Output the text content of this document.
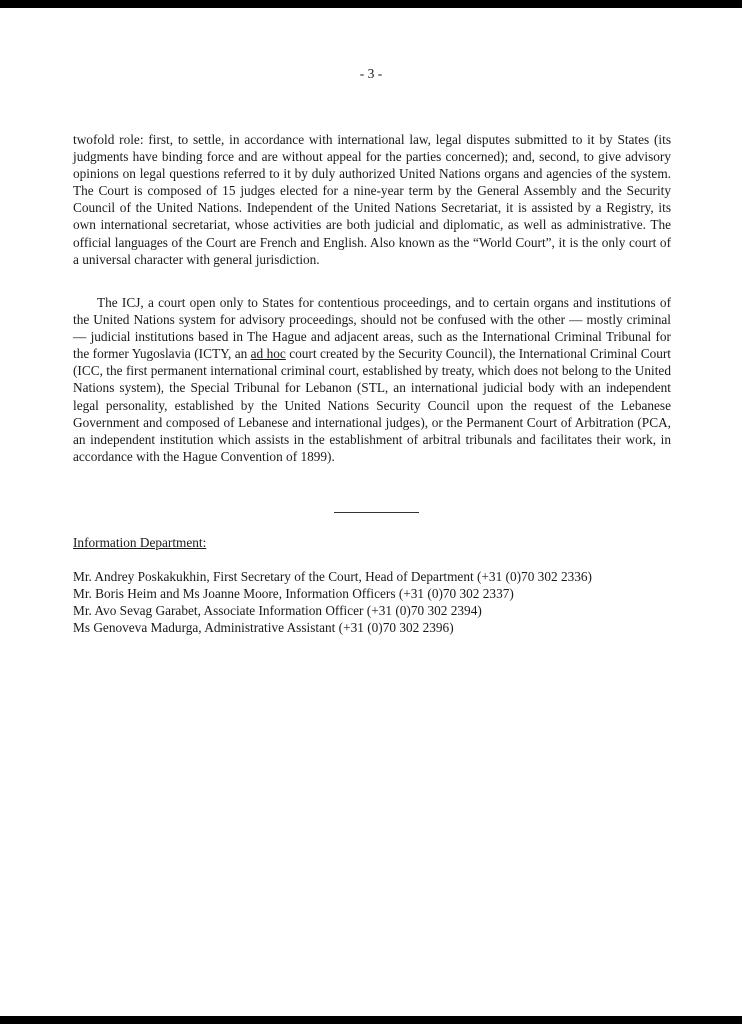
- 3 -

twofold role: first, to settle, in accordance with international law, legal disputes submitted to it by States (its judgments have binding force and are without appeal for the parties concerned); and, second, to give advisory opinions on legal questions referred to it by duly authorized United Nations organs and agencies of the system. The Court is composed of 15 judges elected for a nine-year term by the General Assembly and the Security Council of the United Nations. Independent of the United Nations Secretariat, it is assisted by a Registry, its own international secretariat, whose activities are both judicial and diplomatic, as well as administrative. The official languages of the Court are French and English. Also known as the “World Court”, it is the only court of a universal character with general jurisdiction.

The ICJ, a court open only to States for contentious proceedings, and to certain organs and institutions of the United Nations system for advisory proceedings, should not be confused with the other — mostly criminal — judicial institutions based in The Hague and adjacent areas, such as the International Criminal Tribunal for the former Yugoslavia (ICTY, an ad hoc court created by the Security Council), the International Criminal Court (ICC, the first permanent international criminal court, established by treaty, which does not belong to the United Nations system), the Special Tribunal for Lebanon (STL, an international judicial body with an independent legal personality, established by the United Nations Security Council upon the request of the Lebanese Government and composed of Lebanese and international judges), or the Permanent Court of Arbitration (PCA, an independent institution which assists in the establishment of arbitral tribunals and facilitates their work, in accordance with the Hague Convention of 1899).

Information Department:

Mr. Andrey Poskakukhin, First Secretary of the Court, Head of Department (+31 (0)70 302 2336)
Mr. Boris Heim and Ms Joanne Moore, Information Officers (+31 (0)70 302 2337)
Mr. Avo Sevag Garabet, Associate Information Officer (+31 (0)70 302 2394)
Ms Genoveva Madurga, Administrative Assistant (+31 (0)70 302 2396)
